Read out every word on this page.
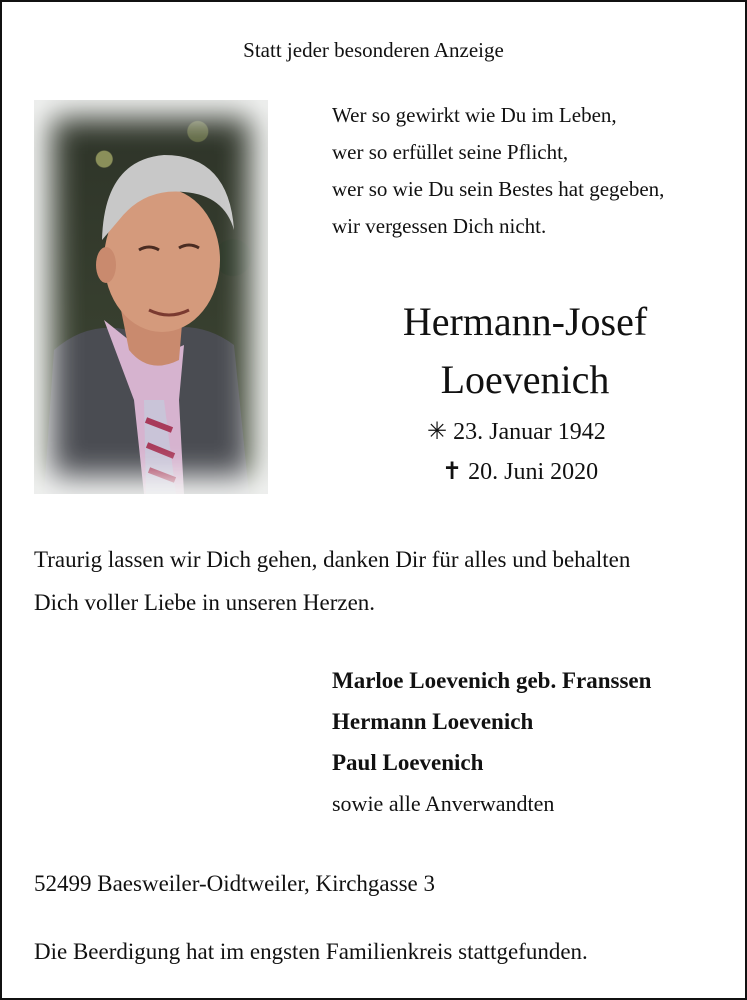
Statt jeder besonderen Anzeige
Wer so gewirkt wie Du im Leben,
wer so erfüllet seine Pflicht,
wer so wie Du sein Bestes hat gegeben,
wir vergessen Dich nicht.
Hermann-Josef
Loevenich
✳ 23. Januar 1942
✝ 20. Juni 2020
Traurig lassen wir Dich gehen, danken Dir für alles und behalten
Dich voller Liebe in unseren Herzen.
Marloe Loevenich geb. Franssen
Hermann Loevenich
Paul Loevenich
sowie alle Anverwandten
52499 Baesweiler-Oidtweiler, Kirchgasse 3
Die Beerdigung hat im engsten Familienkreis stattgefunden.
